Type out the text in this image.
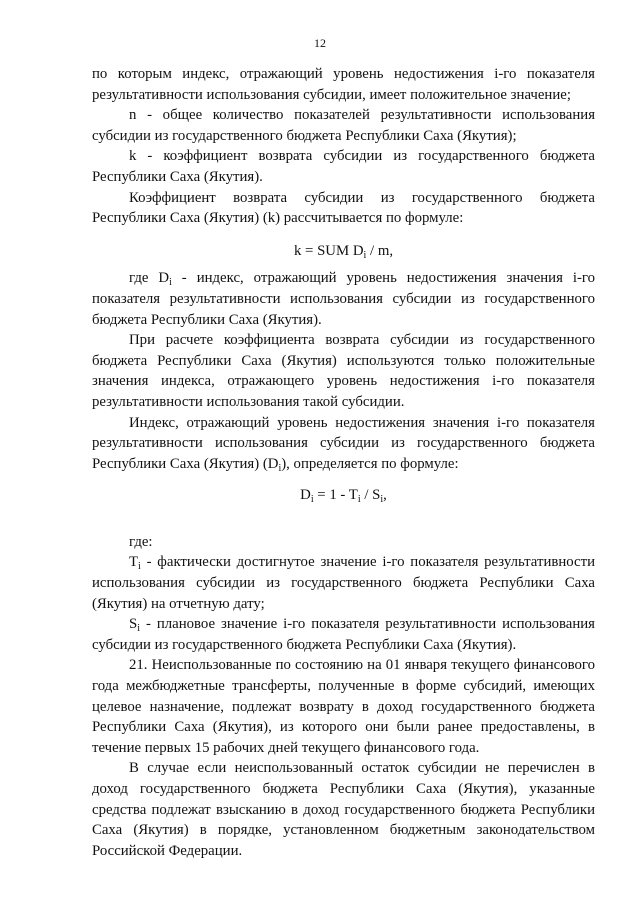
12

по которым индекс, отражающий уровень недостижения i-го показателя результативности использования субсидии, имеет положительное значение;

n - общее количество показателей результативности использования субсидии из государственного бюджета Республики Саха (Якутия);

k - коэффициент возврата субсидии из государственного бюджета Республики Саха (Якутия).

Коэффициент возврата субсидии из государственного бюджета Республики Саха (Якутия) (k) рассчитывается по формуле:

k = SUM $D_i$ / m,

где $D_i$ - индекс, отражающий уровень недостижения значения i-го показателя результативности использования субсидии из государственного бюджета Республики Саха (Якутия).

При расчете коэффициента возврата субсидии из государственного бюджета Республики Саха (Якутия) используются только положительные значения индекса, отражающего уровень недостижения i-го показателя результативности использования такой субсидии.

Индекс, отражающий уровень недостижения значения i-го показателя результативности использования субсидии из государственного бюджета Республики Саха (Якутия) $(D_i)$, определяется по формуле:

$D_i = 1 - T_i / S_i$,

где:

$T_i$ - фактически достигнутое значение i-го показателя результативности использования субсидии из государственного бюджета Республики Саха (Якутия) на отчетную дату;

$S_i$ - плановое значение i-го показателя результативности использования субсидии из государственного бюджета Республики Саха (Якутия).

21. Неиспользованные по состоянию на 01 января текущего финансового года межбюджетные трансферты, полученные в форме субсидий, имеющих целевое назначение, подлежат возврату в доход государственного бюджета Республики Саха (Якутия), из которого они были ранее предоставлены, в течение первых 15 рабочих дней текущего финансового года.

В случае если неиспользованный остаток субсидии не перечислен в доход государственного бюджета Республики Саха (Якутия), указанные средства подлежат взысканию в доход государственного бюджета Республики Саха (Якутия) в порядке, установленном бюджетным законодательством Российской Федерации.
